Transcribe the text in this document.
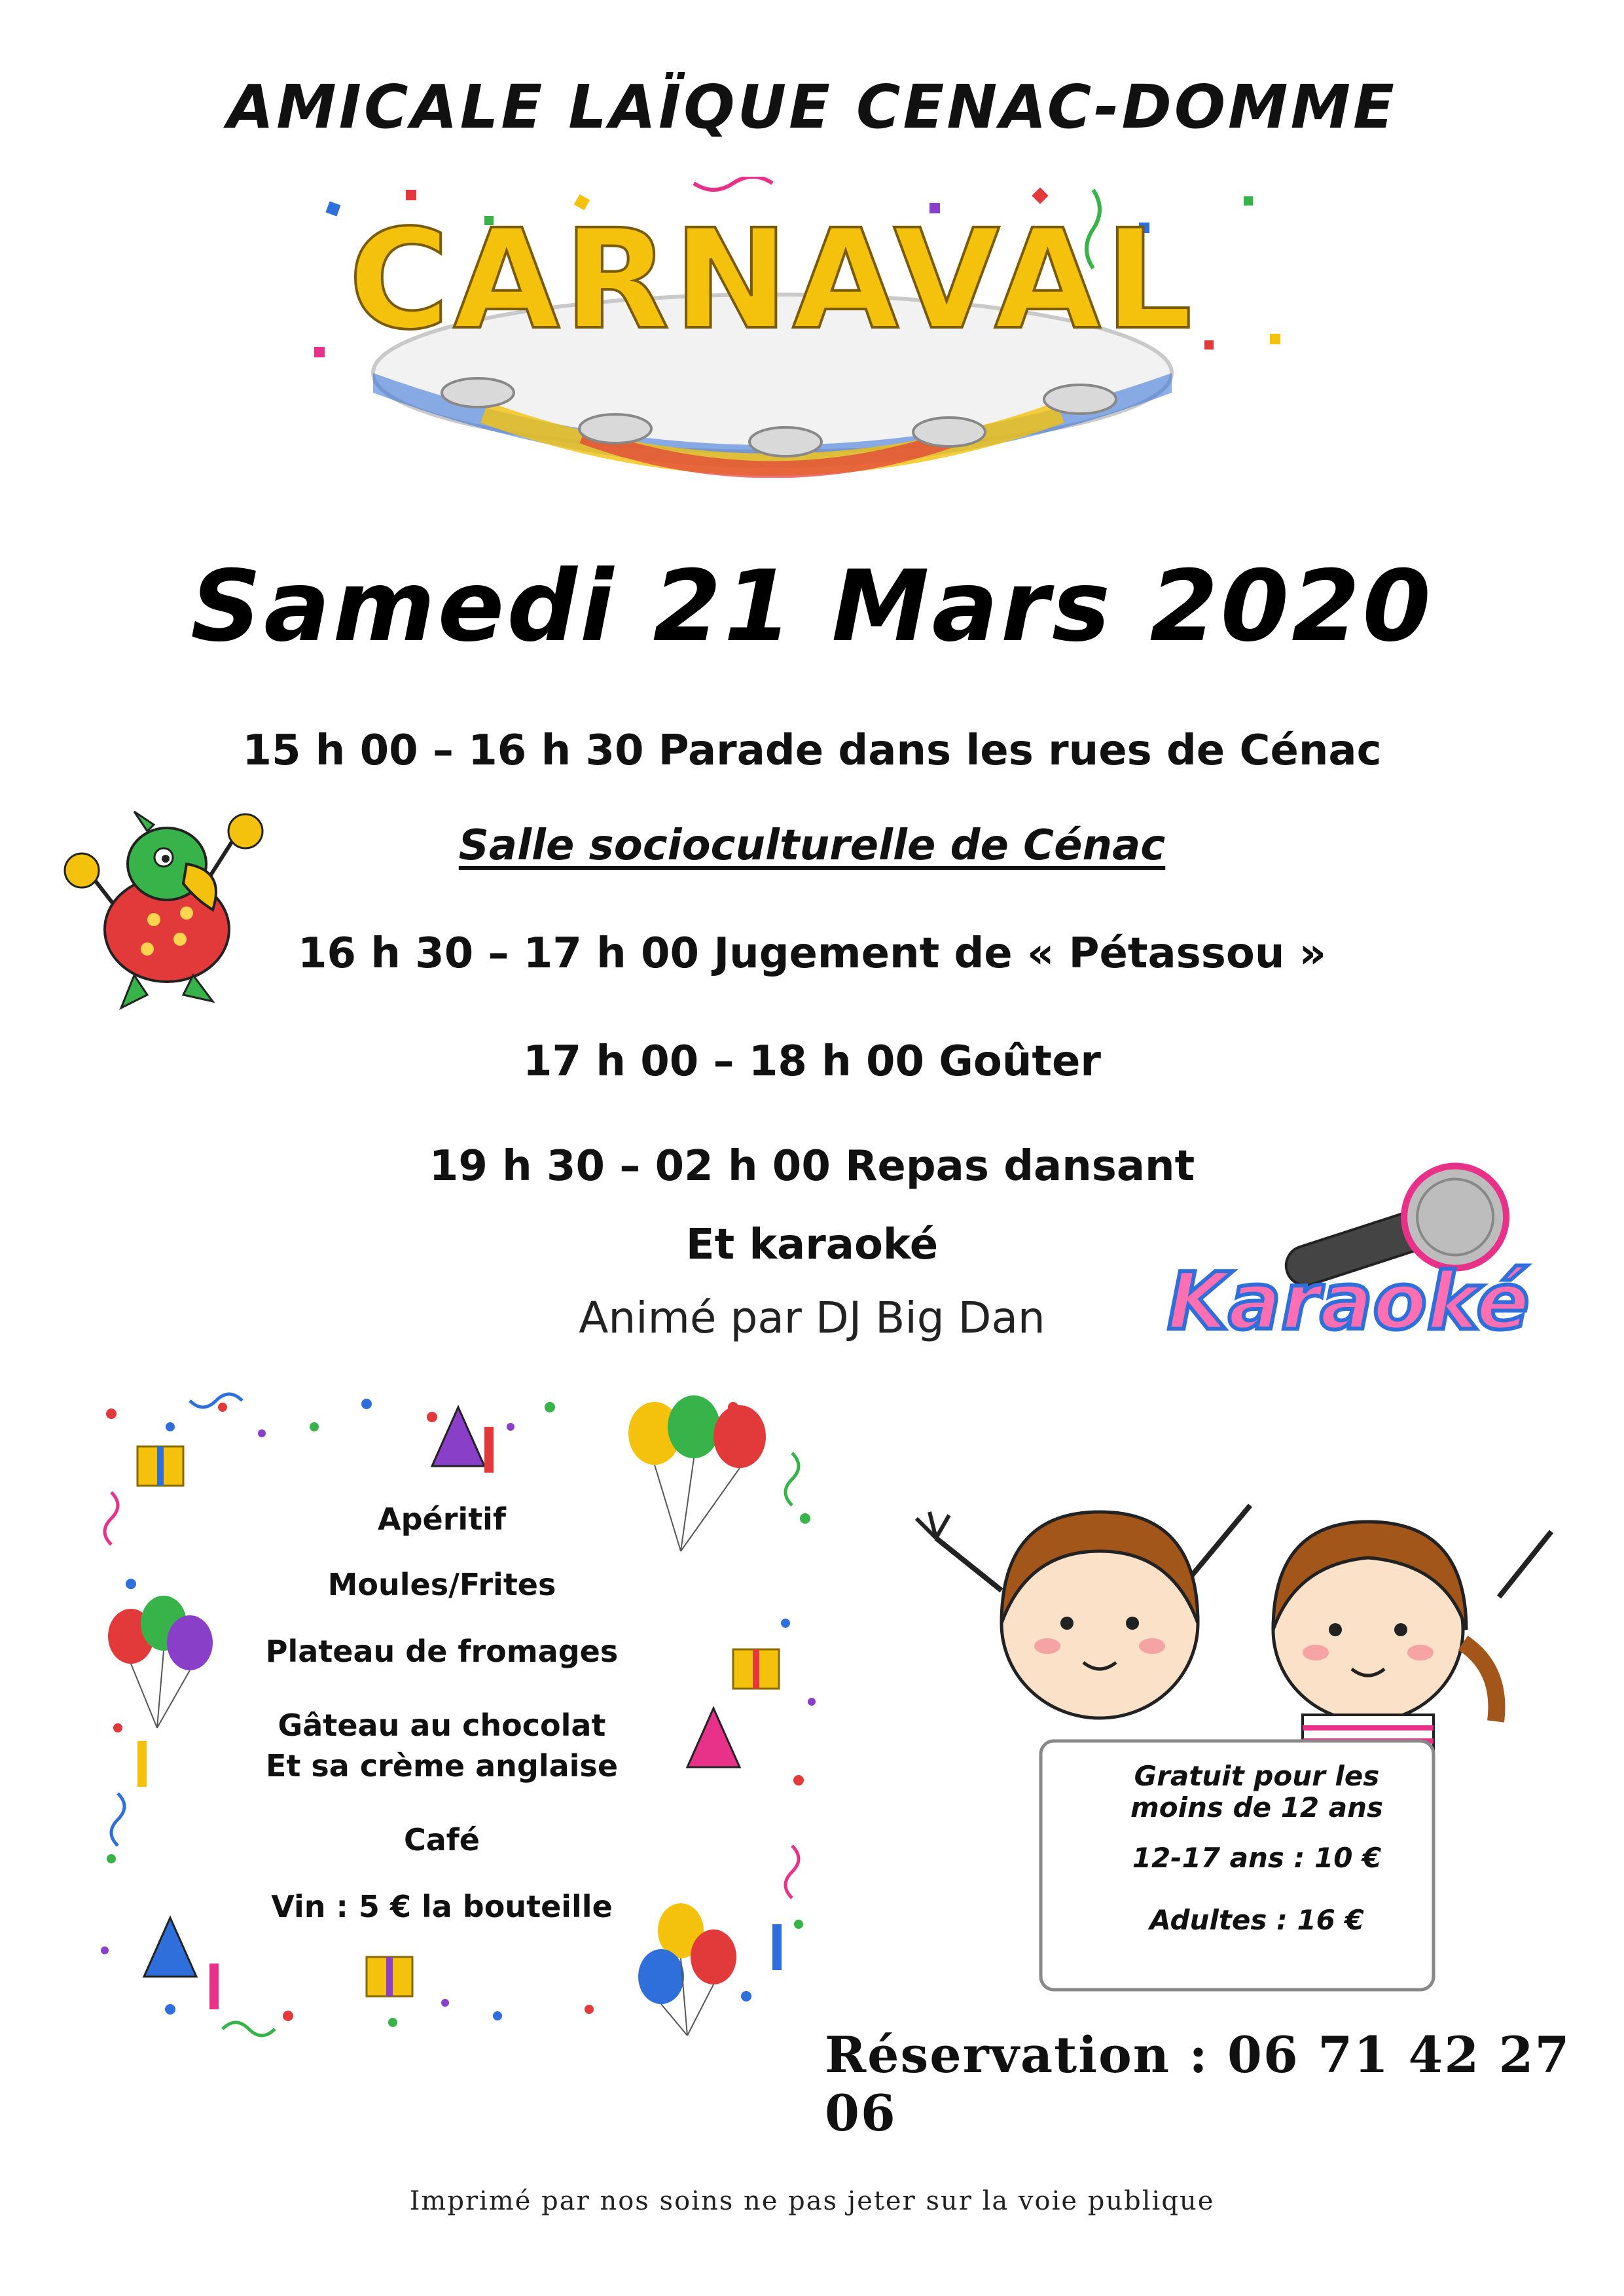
AMICALE LAÏQUE CENAC-DOMME
CARNAVAL
Samedi 21 Mars 2020
15 h 00 – 16 h 30 Parade dans les rues de Cénac
Salle socioculturelle de Cénac
16 h 30 – 17 h 00 Jugement de « Pétassou »
17 h 00 – 18 h 00 Goûter
19 h 30 – 02 h 00 Repas dansant
Et karaoké
Animé par DJ Big Dan	Karaoké
Apéritif
Moules/Frites
Plateau de fromages
Gâteau au chocolat
Et sa crème anglaise
Café
Vin : 5 € la bouteille
Gratuit pour les
moins de 12 ans
12-17 ans : 10 €
Adultes : 16 €
Réservation : 06 71 42 27 06
Imprimé par nos soins ne pas jeter sur la voie publique
